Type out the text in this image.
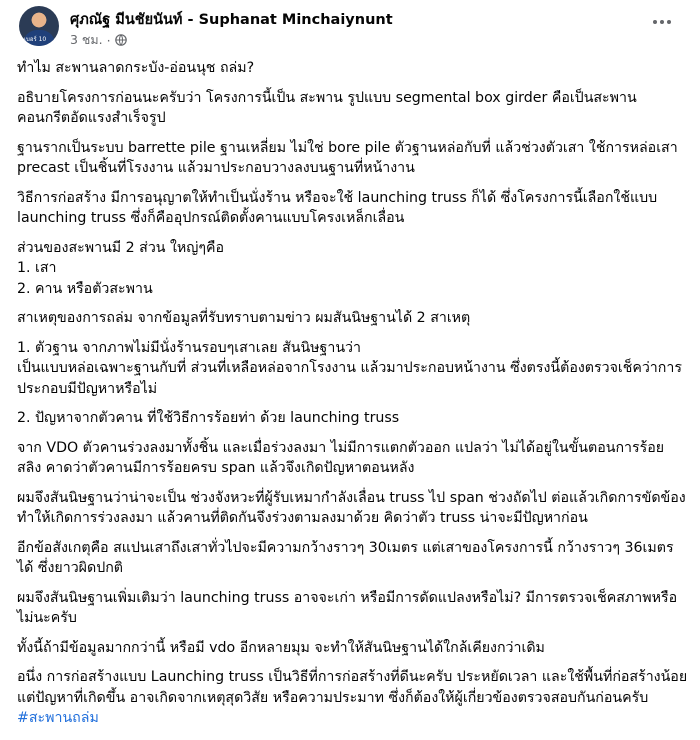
เบอร์ 10
ศุภณัฐ มีนชัยนันท์ - Suphanat Minchaiynunt
3 ชม. ·

ทำไม สะพานลาดกระบัง-อ่อนนุช ถล่ม?

อธิบายโครงการก่อนนะครับว่า โครงการนี้เป็น สะพาน รูปแบบ segmental box girder คือเป็นสะพานคอนกรีตอัดแรงสำเร็จรูป

ฐานรากเป็นระบบ barrette pile ฐานเหลี่ยม ไม่ใช่ bore pile ตัวฐานหล่อกับที่ แล้วช่วงตัวเสา ใช้การหล่อเสา precast เป็นชิ้นที่โรงงาน แล้วมาประกอบวางลงบนฐานที่หน้างาน

วิธีการก่อสร้าง มีการอนุญาตให้ทำเป็นนั่งร้าน หรือจะใช้ launching truss ก็ได้ ซึ่งโครงการนี้เลือกใช้แบบ launching truss ซึ่งก็คืออุปกรณ์ติดตั้งคานแบบโครงเหล็กเลื่อน

ส่วนของสะพานมี 2 ส่วน ใหญ่ๆคือ
1. เสา
2. คาน หรือตัวสะพาน

สาเหตุของการถล่ม จากข้อมูลที่รับทราบตามข่าว ผมสันนิษฐานได้ 2 สาเหตุ

1. ตัวฐาน จากภาพไม่มีนั่งร้านรอบๆเสาเลย สันนิษฐานว่า
เป็นแบบหล่อเฉพาะฐานกับที่ ส่วนที่เหลือหล่อจากโรงงาน แล้วมาประกอบหน้างาน ซึ่งตรงนี้ต้องตรวจเช็คว่าการประกอบมีปัญหาหรือไม่

2. ปัญหาจากตัวคาน ที่ใช้วิธีการร้อยท่า ด้วย launching truss

จาก VDO ตัวคานร่วงลงมาทั้งชิ้น และเมื่อร่วงลงมา ไม่มีการแตกตัวออก แปลว่า ไม่ได้อยู่ในขั้นตอนการร้อยสลิง คาดว่าตัวคานมีการร้อยครบ span แล้วจึงเกิดปัญหาตอนหลัง

ผมจึงสันนิษฐานว่าน่าจะเป็น ช่วงจังหวะที่ผู้รับเหมากำลังเลื่อน truss ไป span ช่วงถัดไป ต่อแล้วเกิดการขัดข้อง ทำให้เกิดการร่วงลงมา แล้วคานที่ติดกันจึงร่วงตามลงมาด้วย คิดว่าตัว truss น่าจะมีปัญหาก่อน

อีกข้อสังเกตุคือ สแปนเสาถึงเสาทั่วไปจะมีความกว้างราวๆ 30เมตร แต่เสาของโครงการนี้ กว้างราวๆ 36เมตร ได้ ซึ่งยาวผิดปกติ

ผมจึงสันนิษฐานเพิ่มเติมว่า launching truss อาจจะเก่า หรือมีการดัดแปลงหรือไม่? มีการตรวจเช็คสภาพหรือไม่นะครับ

ทั้งนี้ถ้ามีข้อมูลมากกว่านี้ หรือมี vdo อีกหลายมุม จะทำให้สันนิษฐานได้ใกล้เคียงกว่าเดิม

อนึ่ง การก่อสร้างแบบ Launching truss เป็นวิธีที่การก่อสร้างที่ดีนะครับ ประหยัดเวลา และใช้พื้นที่ก่อสร้างน้อย แต่ปัญหาที่เกิดขึ้น อาจเกิดจากเหตุสุดวิสัย หรือความประมาท ซึ่งก็ต้องให้ผู้เกี่ยวข้องตรวจสอบกันก่อนครับ

#สะพานถล่ม
